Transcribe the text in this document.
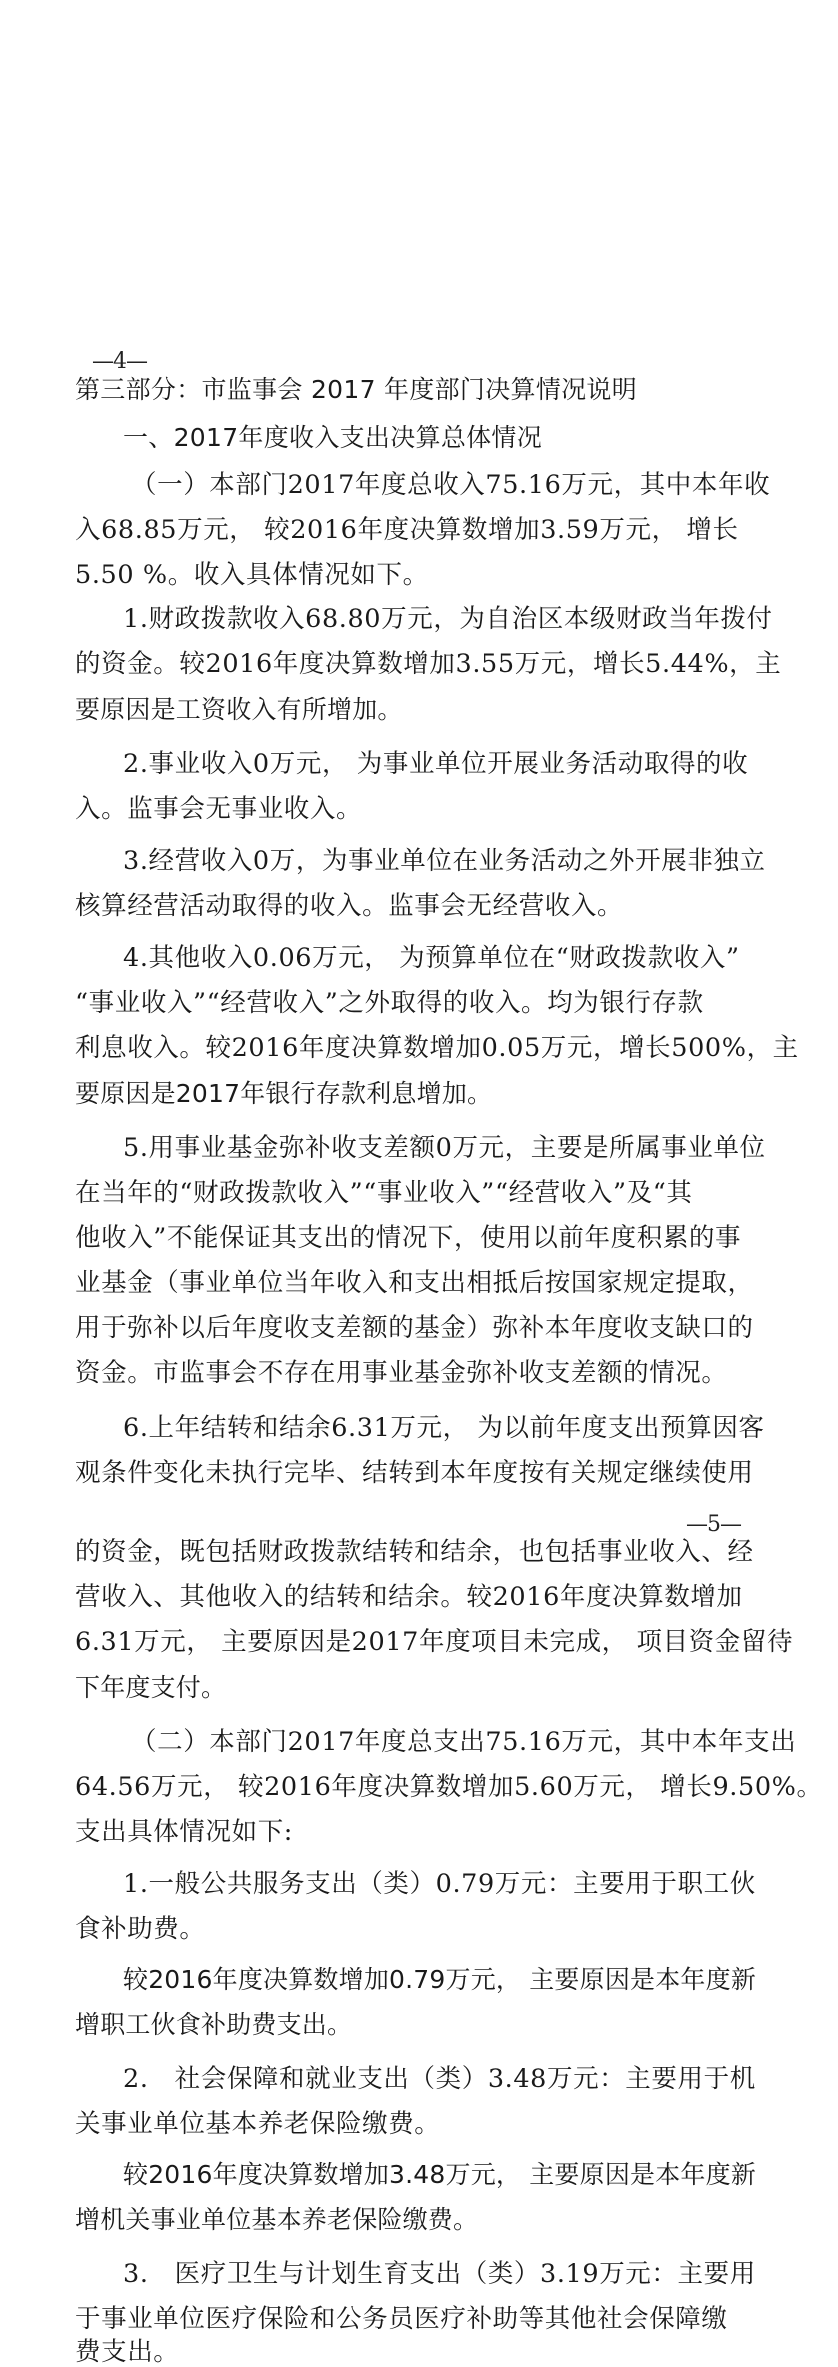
—4—
—5—
第三部分：市监事会 2017 年度部门决算情况说明
一、2017年度收入支出决算总体情况
（一）本部门2017年度总收入75.16万元，其中本年收
入68.85万元， 较2016年度决算数增加3.59万元， 增长
5.50 %。收入具体情况如下。
1.财政拨款收入68.80万元，为自治区本级财政当年拨付
的资金。较2016年度决算数增加3.55万元，增长5.44%，主
要原因是工资收入有所增加。
2.事业收入0万元， 为事业单位开展业务活动取得的收
入。监事会无事业收入。
3.经营收入0万，为事业单位在业务活动之外开展非独立
核算经营活动取得的收入。监事会无经营收入。
4.其他收入0.06万元， 为预算单位在“财政拨款收入”
“事业收入”“经营收入”之外取得的收入。均为银行存款
利息收入。较2016年度决算数增加0.05万元，增长500%，主
要原因是2017年银行存款利息增加。
5.用事业基金弥补收支差额0万元，主要是所属事业单位
在当年的“财政拨款收入”“事业收入”“经营收入”及“其
他收入”不能保证其支出的情况下，使用以前年度积累的事
业基金（事业单位当年收入和支出相抵后按国家规定提取，
用于弥补以后年度收支差额的基金）弥补本年度收支缺口的
资金。市监事会不存在用事业基金弥补收支差额的情况。
6.上年结转和结余6.31万元， 为以前年度支出预算因客
观条件变化未执行完毕、结转到本年度按有关规定继续使用
的资金，既包括财政拨款结转和结余，也包括事业收入、经
营收入、其他收入的结转和结余。较2016年度决算数增加
6.31万元， 主要原因是2017年度项目未完成， 项目资金留待
下年度支付。
（二）本部门2017年度总支出75.16万元，其中本年支出
64.56万元， 较2016年度决算数增加5.60万元， 增长9.50%。
支出具体情况如下:
1.一般公共服务支出（类）0.79万元：主要用于职工伙
食补助费。
较2016年度决算数增加0.79万元， 主要原因是本年度新
增职工伙食补助费支出。
2.　社会保障和就业支出（类）3.48万元：主要用于机
关事业单位基本养老保险缴费。
较2016年度决算数增加3.48万元， 主要原因是本年度新
增机关事业单位基本养老保险缴费。
3.　医疗卫生与计划生育支出（类）3.19万元：主要用
于事业单位医疗保险和公务员医疗补助等其他社会保障缴
费支出。
